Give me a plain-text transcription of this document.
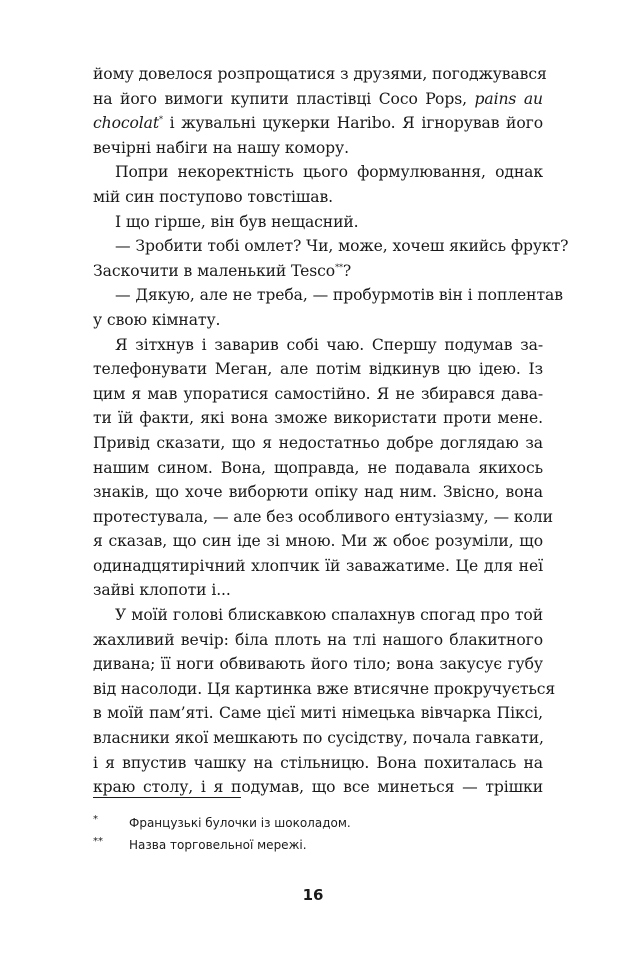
йому довелося розпрощатися з друзями, погоджувався
на його вимоги купити пластівці Coco Pops, pains au
chocolat* і жувальні цукерки Haribo. Я ігнорував його
вечірні набіги на нашу комору.

Попри некоректність цього формулювання, однак
мій син поступово товстішав.

І що гірше, він був нещасний.

— Зробити тобі омлет? Чи, може, хочеш якийсь фрукт?
Заскочити в маленький Tesco**?

— Дякую, але не треба, — пробурмотів він і поплентав
у свою кімнату.

Я зітхнув і заварив собі чаю. Спершу подумав за-
телефонувати Меган, але потім відкинув цю ідею. Із
цим я мав упоратися самостійно. Я не збирався дава-
ти їй факти, які вона зможе використати проти мене.
Привід сказати, що я недостатньо добре доглядаю за
нашим сином. Вона, щоправда, не подавала якихось
знаків, що хоче виборюти опіку над ним. Звісно, вона
протестувала, — але без особливого ентузіазму, — коли
я сказав, що син іде зі мною. Ми ж обоє розуміли, що
одинадцятирічний хлопчик їй заважатиме. Це для неї
зайві клопоти і...

У моїй голові блискавкою спалахнув спогад про той
жахливий вечір: біла плоть на тлі нашого блакитного
дивана; її ноги обвивають його тіло; вона закусує губу
від насолоди. Ця картинка вже втисячне прокручується
в моїй пам’яті. Саме цієї миті німецька вівчарка Піксі,
власники якої мешкають по сусідству, почала гавкати,
і я впустив чашку на стільницю. Вона похиталась на
краю столу, і я подумав, що все минеться — трішки

*	Французькі булочки із шоколадом.
** Назва торговельної мережі.
16
